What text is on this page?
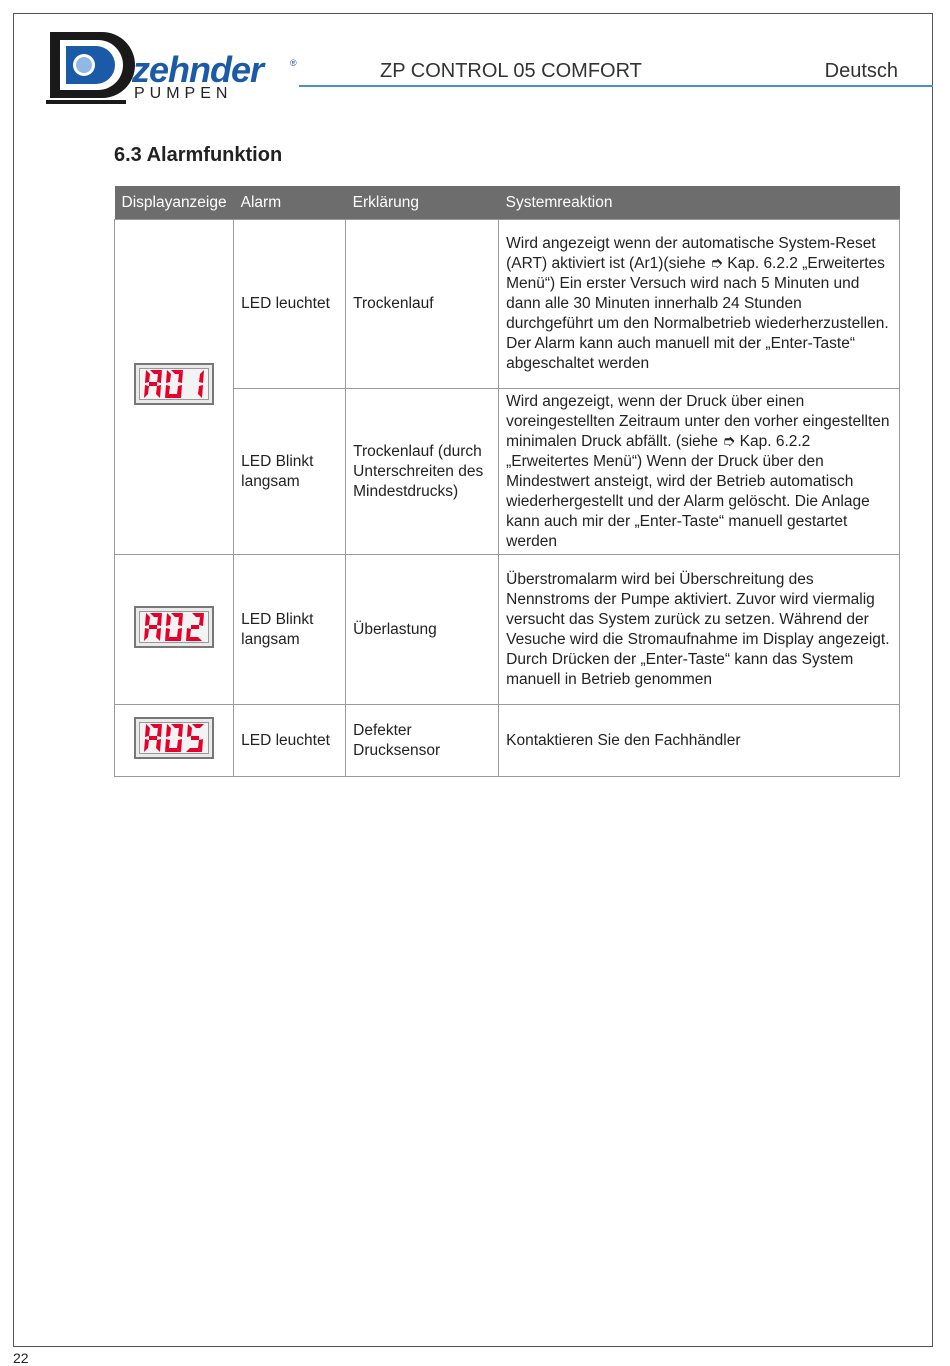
zehnder	®
PUMPEN
ZP CONTROL 05 COMFORT	Deutsch
6.3 Alarmfunktion
Displayanzeige	Alarm	Erklärung	Systemreaktion

	LED leuchtet	Trockenlauf	Wird angezeigt wenn der automatische System-Reset (ART) aktiviert ist (Ar1)(siehe ➮ Kap. 6.2.2 „Erweitertes Menü“) Ein erster Versuch wird nach 5 Minuten und dann alle 30 Minuten innerhalb 24 Stunden durchgeführt um den Normalbetrieb wiederherzustellen. Der Alarm kann auch manuell mit der „Enter-Taste“ abgeschaltet werden
	LED Blinkt langsam	Trockenlauf (durch Unterschreiten des Mindestdrucks)	Wird angezeigt, wenn der Druck über einen voreingestellten Zeitraum unter den vorher eingestellten minimalen Druck abfällt. (siehe ➮ Kap. 6.2.2 „Erweitertes Menü“) Wenn der Druck über den Mindestwert ansteigt, wird der Betrieb automatisch wiederhergestellt und der Alarm gelöscht. Die Anlage kann auch mir der „Enter-Taste“ manuell gestartet werden

	LED Blinkt langsam	Überlastung	Überstromalarm wird bei Überschreitung des Nennstroms der Pumpe aktiviert. Zuvor wird viermalig versucht das System zurück zu setzen. Während der Vesuche wird die Stromaufnahme im Display angezeigt. Durch Drücken der „Enter-Taste“ kann das System manuell in Betrieb genommen

	LED leuchtet	Defekter Drucksensor	Kontaktieren Sie den Fachhändler
22
